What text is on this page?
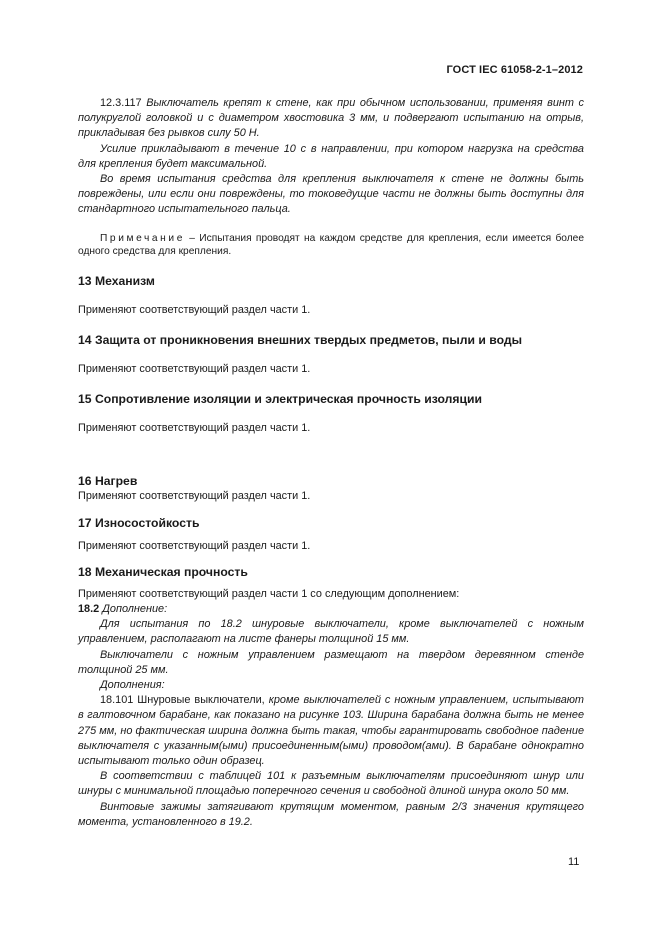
ГОСТ IEC 61058-2-1–2012

12.3.117 Выключатель крепят к стене, как при обычном использовании, применяя винт с полукруглой головкой и с диаметром хвостовика 3 мм, и подвергают испытанию на отрыв, прикладывая без рывков силу 50 Н.

Усилие прикладывают в течение 10 с в направлении, при котором нагрузка на средства для крепления будет максимальной.

Во время испытания средства для крепления выключателя к стене не должны быть повреждены, или если они повреждены, то токоведущие части не должны быть доступны для стандартного испытательного пальца.

Примечание – Испытания проводят на каждом средстве для крепления, если имеется более одного средства для крепления.

13 Механизм

Применяют соответствующий раздел части 1.

14 Защита от проникновения внешних твердых предметов, пыли и воды

Применяют соответствующий раздел части 1.

15 Сопротивление изоляции и электрическая прочность изоляции

Применяют соответствующий раздел части 1.

16 Нагрев

Применяют соответствующий раздел части 1.

17 Износостойкость

Применяют соответствующий раздел части 1.

18 Механическая прочность

Применяют соответствующий раздел части 1 со следующим дополнением:

18.2 Дополнение:

Для испытания по 18.2 шнуровые выключатели, кроме выключателей с ножным управлением, располагают на листе фанеры толщиной 15 мм.

Выключатели с ножным управлением размещают на твердом деревянном стенде толщиной 25 мм.

Дополнения:

18.101 Шнуровые выключатели, кроме выключателей с ножным управлением, испытывают в галтовочном барабане, как показано на рисунке 103. Ширина барабана должна быть не менее 275 мм, но фактическая ширина должна быть такая, чтобы гарантировать свободное падение выключателя с указанным(ыми) присоединенным(ыми) проводом(ами). В барабане однократно испытывают только один образец.

В соответствии с таблицей 101 к разъемным выключателям присоединяют шнур или шнуры с минимальной площадью поперечного сечения и свободной длиной шнура около 50 мм.

Винтовые зажимы затягивают крутящим моментом, равным 2/3 значения крутящего момента, установленного в 19.2.

11
